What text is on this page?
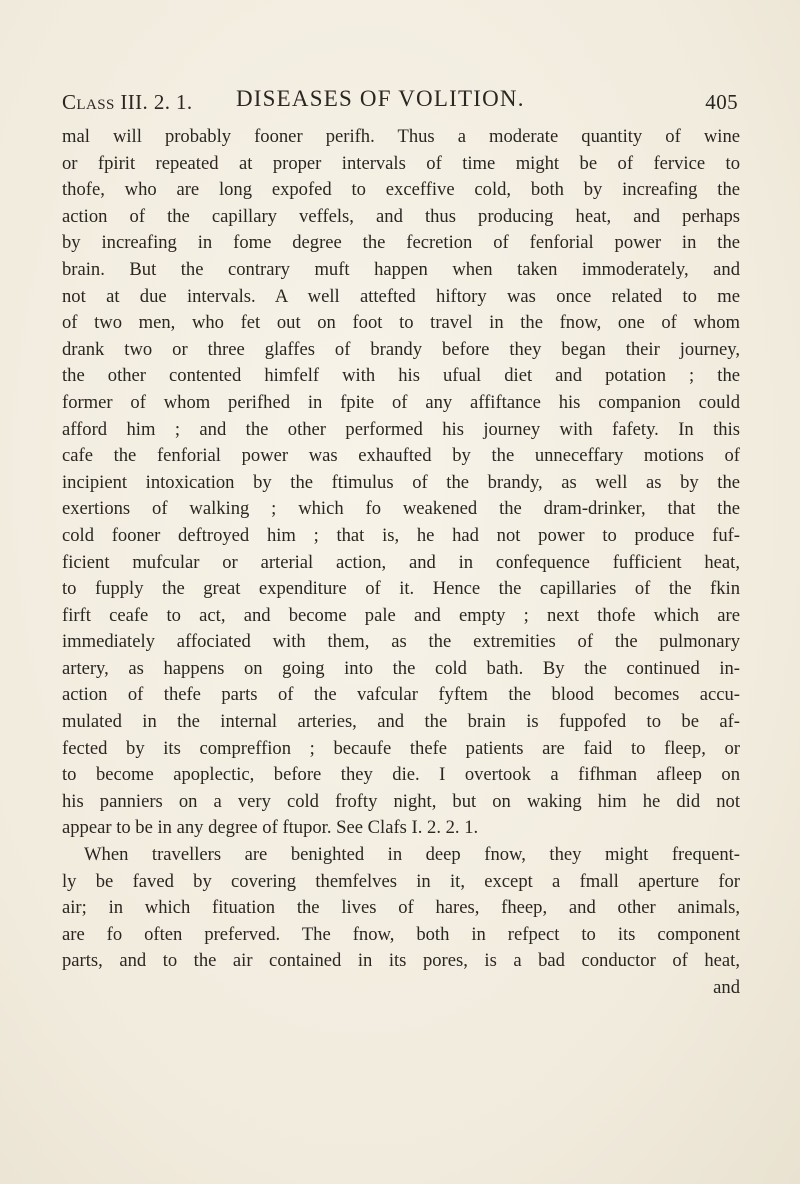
Class III. 2. 1. DISEASES OF VOLITION.	405
mal will probably fooner perifh. Thus a moderate quantity of wine
or fpirit repeated at proper intervals of time might be of fervice to
thofe, who are long expofed to exceffive cold, both by increafing the
action of the capillary veffels, and thus producing heat, and perhaps
by increafing in fome degree the fecretion of fenforial power in the
brain. But the contrary muft happen when taken immoderately, and
not at due intervals. A well attefted hiftory was once related to me
of two men, who fet out on foot to travel in the fnow, one of whom
drank two or three glaffes of brandy before they began their journey,
the other contented himfelf with his ufual diet and potation ; the
former of whom perifhed in fpite of any affiftance his companion could
afford him ; and the other performed his journey with fafety. In this
cafe the fenforial power was exhaufted by the unneceffary motions of
incipient intoxication by the ftimulus of the brandy, as well as by the
exertions of walking ; which fo weakened the dram-drinker, that the
cold fooner deftroyed him ; that is, he had not power to produce fuf-
ficient mufcular or arterial action, and in confequence fufficient heat,
to fupply the great expenditure of it. Hence the capillaries of the fkin
firft ceafe to act, and become pale and empty ; next thofe which are
immediately affociated with them, as the extremities of the pulmonary
artery, as happens on going into the cold bath. By the continued in-
action of thefe parts of the vafcular fyftem the blood becomes accu-
mulated in the internal arteries, and the brain is fuppofed to be af-
fected by its compreffion ; becaufe thefe patients are faid to fleep, or
to become apoplectic, before they die. I overtook a fifhman afleep on
his panniers on a very cold frofty night, but on waking him he did not
appear to be in any degree of ftupor. See Clafs I. 2. 2. 1.
When travellers are benighted in deep fnow, they might frequent-
ly be faved by covering themfelves in it, except a fmall aperture for
air; in which fituation the lives of hares, fheep, and other animals,
are fo often preferved. The fnow, both in refpect to its component
parts, and to the air contained in its pores, is a bad conductor of heat,
and
